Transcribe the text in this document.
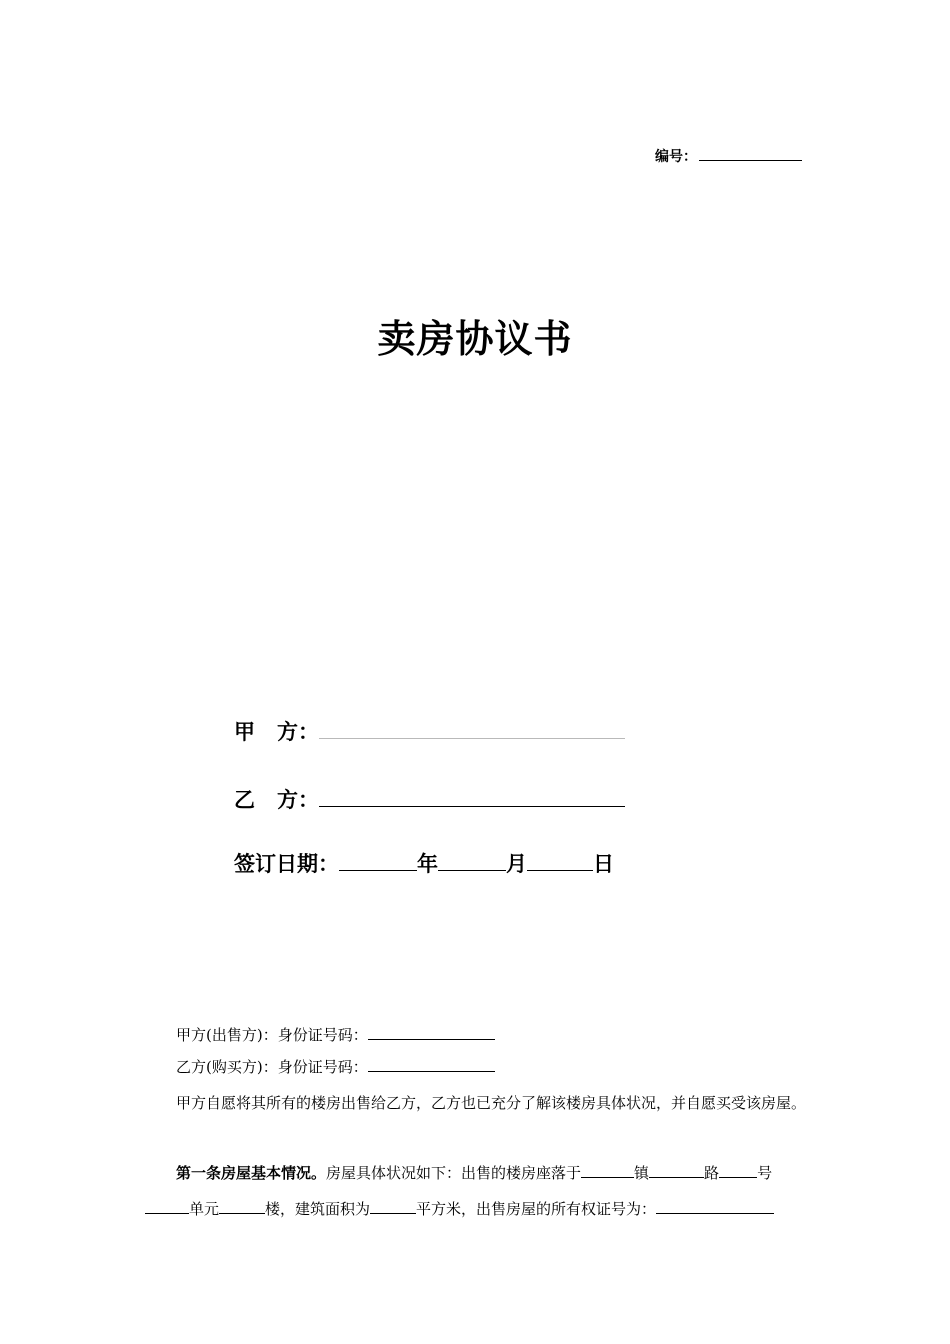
编号：
卖房协议书
甲 方：
乙 方：
签订日期：	年	月	日
甲方(出售方)：身份证号码：
乙方(购买方)：身份证号码：
甲方自愿将其所有的楼房出售给乙方，乙方也已充分了解该楼房具体状况，并自愿买受该房屋。
第一条房屋基本情况。房屋具体状况如下：出售的楼房座落于	镇	路	号单元	楼，建筑面积为	平方米，出售房屋的所有权证号为：
